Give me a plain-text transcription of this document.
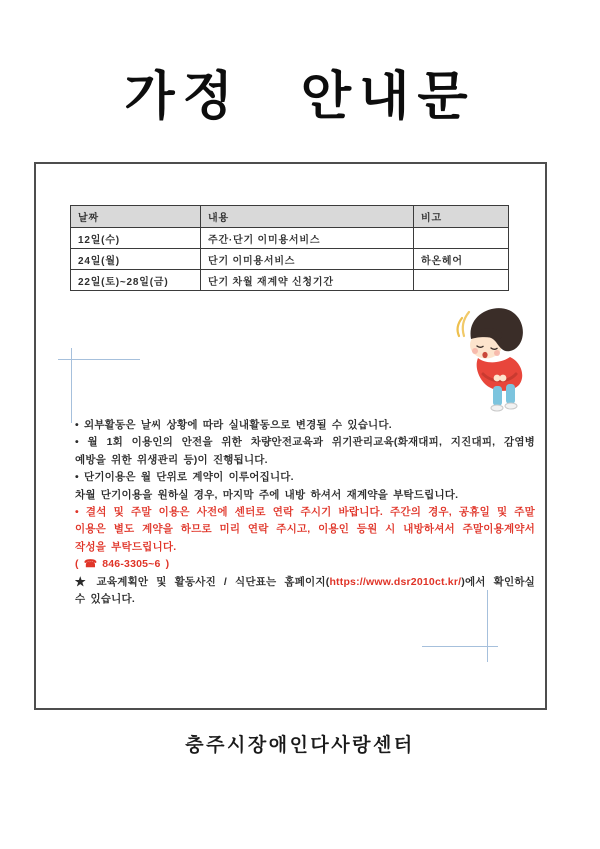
가정　안내문
날짜	내용	비고
12일(수)	주간·단기 이미용서비스	
24일(월)	단기 이미용서비스	하온헤어
22일(토)~28일(금)	단기 차월 재계약 신청기간	
• 외부활동은 날씨 상황에 따라 실내활동으로 변경될 수 있습니다.
• 월 1회 이용인의 안전을 위한 차량안전교육과 위기관리교육(화재대피, 지진대피, 감염병
예방을 위한 위생관리 등)이 진행됩니다.
• 단기이용은 월 단위로 계약이 이루어집니다.
차월 단기이용을 원하실 경우, 마지막 주에 내방 하셔서 재계약을 부탁드립니다.
• 결석 및 주말 이용은 사전에 센터로 연락 주시기 바랍니다. 주간의 경우, 공휴일 및 주말
이용은 별도 계약을 하므로 미리 연락 주시고, 이용인 등원 시 내방하셔서 주말이용계약서
작성을 부탁드립니다.
( ☎ 846-3305~6 )
★ 교육계획안 및 활동사진 / 식단표는 홈페이지(https://www.dsr2010ct.kr/)에서 확인하실
수 있습니다.
충주시장애인다사랑센터
